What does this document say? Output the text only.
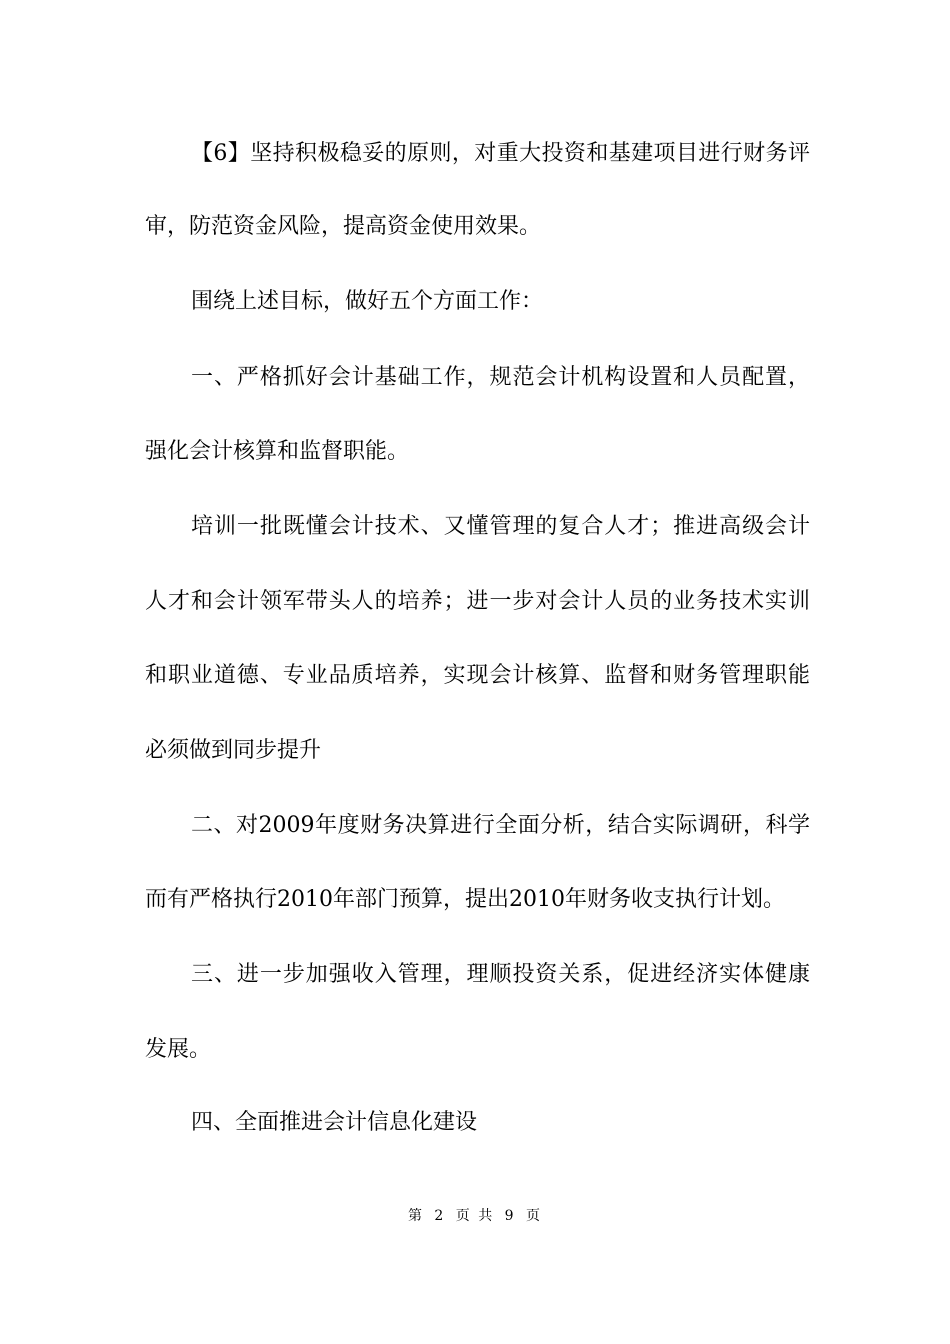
【6】坚持积极稳妥的原则，对重大投资和基建项目进行财务评
审，防范资金风险，提高资金使用效果。
围绕上述目标，做好五个方面工作：
一、严格抓好会计基础工作，规范会计机构设置和人员配置，
强化会计核算和监督职能。
培训一批既懂会计技术、又懂管理的复合人才；推进高级会计
人才和会计领军带头人的培养；进一步对会计人员的业务技术实训
和职业道德、专业品质培养，实现会计核算、监督和财务管理职能
必须做到同步提升
二、对2009年度财务决算进行全面分析，结合实际调研，科学
而有严格执行2010年部门预算，提出2010年财务收支执行计划。
三、进一步加强收入管理，理顺投资关系，促进经济实体健康
发展。
四、全面推进会计信息化建设
第 2 页 共 9 页
